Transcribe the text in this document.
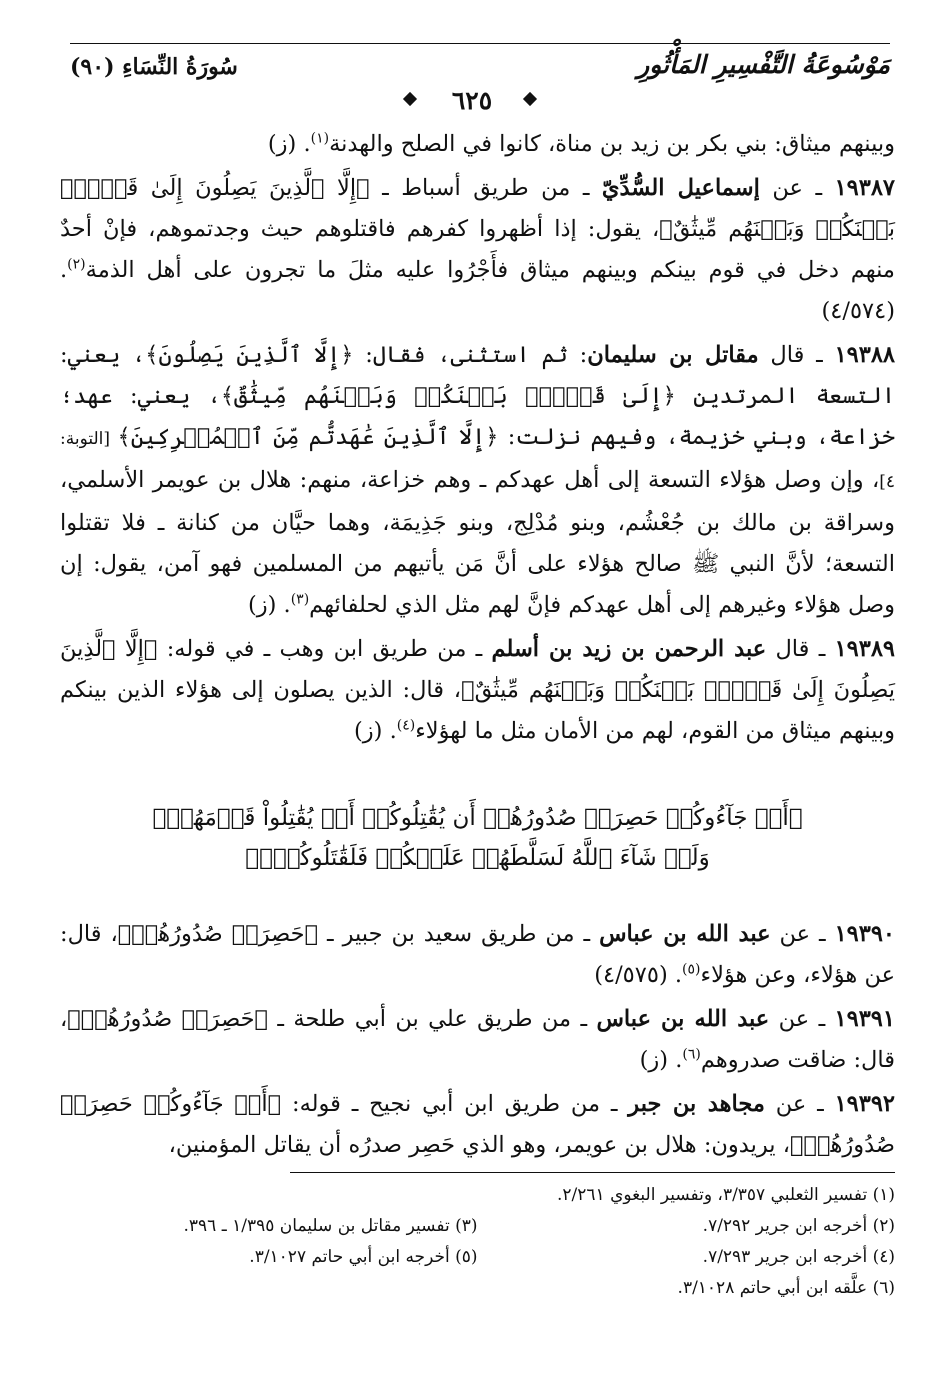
مَوْسُوعَةُ التَّفْسِيرِ المَأْثُورِ
سُورَةُ النِّسَاءِ (٩٠)
٦٢٥

وبينهم ميثاق: بني بكر بن زيد بن مناة، كانوا في الصلح والهدنة$^{(١)}$. (ز)

١٩٣٨٧ ـ عن إسماعيل السُّدِّيّ ـ من طريق أسباط ـ ﴿إِلَّا ٱلَّذِينَ يَصِلُونَ إِلَىٰ قَوۡمِۭ بَيۡنَكُمۡ وَبَيۡنَهُم مِّيثَٰقٌ﴾، يقول: إذا أظهروا كفرهم فاقتلوهم حيث وجدتموهم، فإنْ أحدٌ منهم دخل في قوم بينكم وبينهم ميثاق فأَجْرُوا عليه مثلَ ما تجرون على أهل الذمة$^{(٢)}$. (٤/٥٧٤)

١٩٣٨٨ ـ قال مقاتل بن سليمان: ثم استثنى، فقال: ﴿إِلَّا ٱلَّذِينَ يَصِلُونَ﴾، يعني: التسعة المرتدين ﴿إِلَىٰ قَوۡمِۭ بَيۡنَكُمۡ وَبَيۡنَهُم مِّيثَٰقٌ﴾، يعني: عهد؛ خزاعة، وبني خزيمة، وفيهم نزلت: ﴿إِلَّا ٱلَّذِينَ عَٰهَدتُّم مِّنَ ٱلۡمُشۡرِكِينَ﴾ [التوبة: ٤]، وإن وصل هؤلاء التسعة إلى أهل عهدكم ـ وهم خزاعة، منهم: هلال بن عويمر الأسلمي، وسراقة بن مالك بن جُعْشُم، وبنو مُدْلِج، وبنو جَذِيمَة، وهما حيَّان من كنانة ـ فلا تقتلوا التسعة؛ لأنَّ النبي ﷺ صالح هؤلاء على أنَّ مَن يأتيهم من المسلمين فهو آمن، يقول: إن وصل هؤلاء وغيرهم إلى أهل عهدكم فإنَّ لهم مثل الذي لحلفائهم$^{(٣)}$. (ز)

١٩٣٨٩ ـ قال عبد الرحمن بن زيد بن أسلم ـ من طريق ابن وهب ـ في قوله: ﴿إِلَّا ٱلَّذِينَ يَصِلُونَ إِلَىٰ قَوۡمِۭ بَيۡنَكُمۡ وَبَيۡنَهُم مِّيثَٰقٌ﴾، قال: الذين يصلون إلى هؤلاء الذين بينكم وبينهم ميثاق من القوم، لهم من الأمان مثل ما لهؤلاء$^{(٤)}$. (ز)

﴿أَوۡ جَآءُوكُمۡ حَصِرَتۡ صُدُورُهُمۡ أَن يُقَٰتِلُوكُمۡ أَوۡ يُقَٰتِلُواْ قَوۡمَهُمۡۚ
وَلَوۡ شَآءَ ٱللَّهُ لَسَلَّطَهُمۡ عَلَيۡكُمۡ فَلَقَٰتَلُوكُمۡۚ﴾

١٩٣٩٠ ـ عن عبد الله بن عباس ـ من طريق سعيد بن جبير ـ ﴿حَصِرَتۡ صُدُورُهُمۡ﴾، قال: عن هؤلاء، وعن هؤلاء$^{(٥)}$. (٤/٥٧٥)

١٩٣٩١ ـ عن عبد الله بن عباس ـ من طريق علي بن أبي طلحة ـ ﴿حَصِرَتۡ صُدُورُهُمۡ﴾، قال: ضاقت صدروهم$^{(٦)}$. (ز)

١٩٣٩٢ ـ عن مجاهد بن جبر ـ من طريق ابن أبي نجيح ـ قوله: ﴿أَوۡ جَآءُوكُمۡ حَصِرَتۡ صُدُورُهُمۡ﴾، يريدون: هلال بن عويمر، وهو الذي حَصِر صدرُه أن يقاتل المؤمنين،

(١) تفسير الثعلبي ٣/٣٥٧، وتفسير البغوي ٢/٢٦١.
(٢) أخرجه ابن جرير ٧/٢٩٢.
(٣) تفسير مقاتل بن سليمان ١/٣٩٥ ـ ٣٩٦.
(٤) أخرجه ابن جرير ٧/٢٩٣.
(٥) أخرجه ابن أبي حاتم ٣/١٠٢٧.
(٦) علَّقه ابن أبي حاتم ٣/١٠٢٨.
